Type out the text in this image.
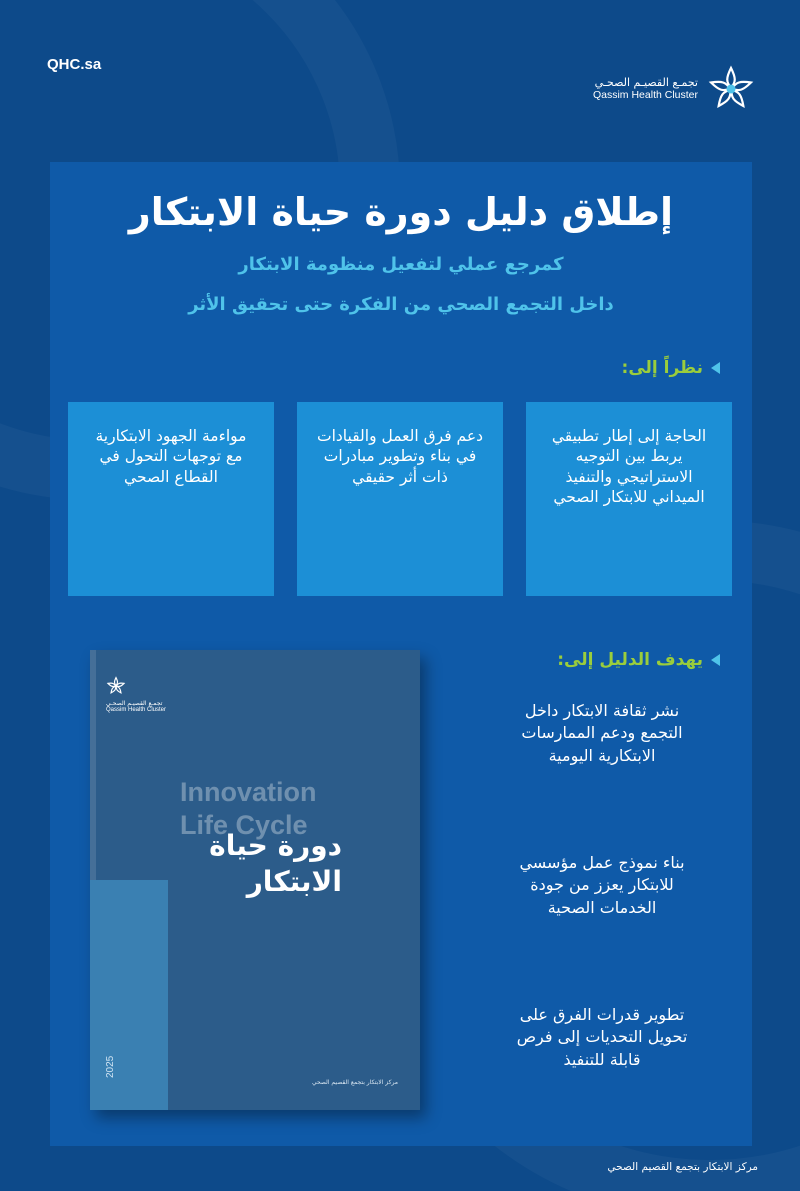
QHC.sa
تجمـع القصيـم الصحـي
Qassim Health Cluster
إطلاق دليل دورة حياة الابتكار
كمرجع عملي لتفعيل منظومة الابتكار
داخل التجمع الصحي من الفكرة حتى تحقيق الأثر
نظراً إلى:
الحاجة إلى إطار تطبيقي يربط بين التوجيه الاستراتيجي والتنفيذ الميداني للابتكار الصحي
دعم فرق العمل والقيادات في بناء وتطوير مبادرات ذات أثر حقيقي
مواءمة الجهود الابتكارية مع توجهات التحول في القطاع الصحي
يهدف الدليل إلى:
تجمـع القصيـم الصحـي
Qassim Health Cluster
Innovation
Life Cycle
دورة حياة
الابتكار
2025
مركز الابتكار بتجمع القصيم الصحي
نشر ثقافة الابتكار داخل التجمع ودعم الممارسات الابتكارية اليومية
بناء نموذج عمل مؤسسي للابتكار يعزز من جودة الخدمات الصحية
تطوير قدرات الفرق على تحويل التحديات إلى فرص قابلة للتنفيذ
مركز الابتكار بتجمع القصيم الصحي
